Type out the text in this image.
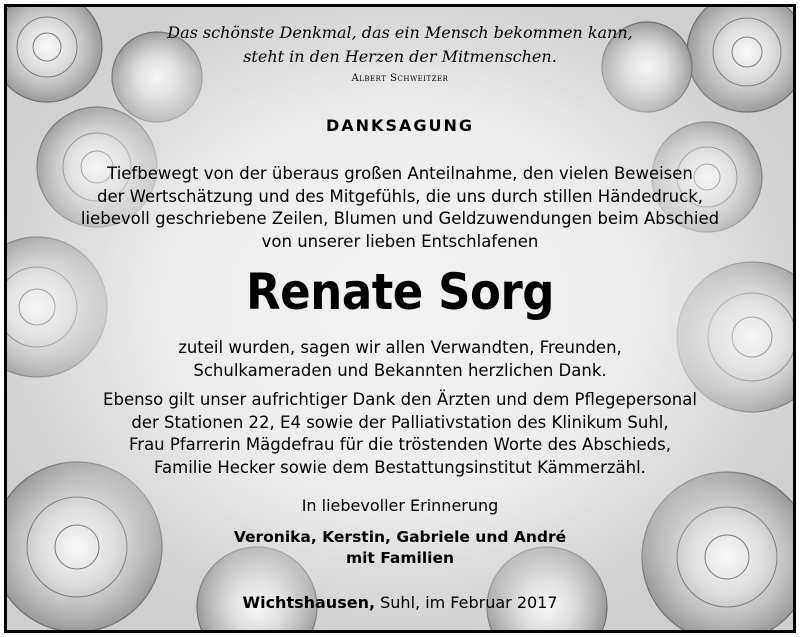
Das schönste Denkmal, das ein Mensch bekommen kann,
steht in den Herzen der Mitmenschen.
Albert Schweitzer
DANKSAGUNG
Tiefbewegt von der überaus großen Anteilnahme, den vielen Beweisen
der Wertschätzung und des Mitgefühls, die uns durch stillen Händedruck,
liebevoll geschriebene Zeilen, Blumen und Geldzuwendungen beim Abschied
von unserer lieben Entschlafenen
Renate Sorg
zuteil wurden, sagen wir allen Verwandten, Freunden,
Schulkameraden und Bekannten herzlichen Dank.
Ebenso gilt unser aufrichtiger Dank den Ärzten und dem Pflegepersonal
der Stationen 22, E4 sowie der Palliativstation des Klinikum Suhl,
Frau Pfarrerin Mägdefrau für die tröstenden Worte des Abschieds,
Familie Hecker sowie dem Bestattungsinstitut Kämmerzähl.
In liebevoller Erinnerung
Veronika, Kerstin, Gabriele und André
mit Familien
Wichtshausen, Suhl, im Februar 2017
